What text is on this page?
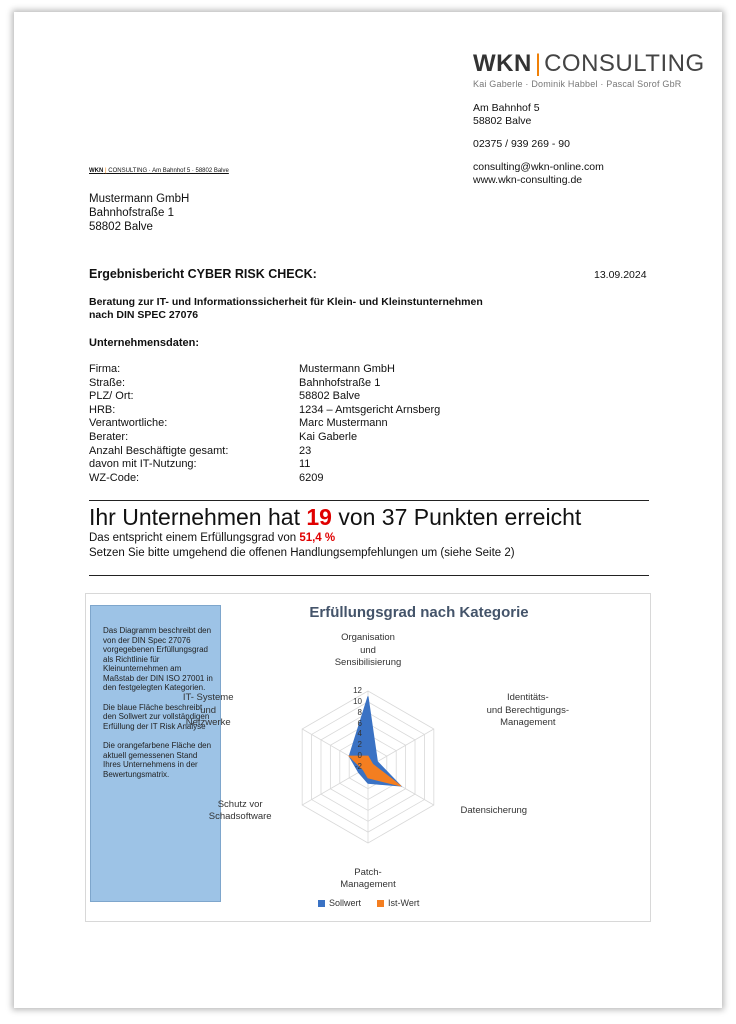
WKN | CONSULTING
Kai Gaberle · Dominik Habbel · Pascal Sorof GbR
Am Bahnhof 5
58802 Balve
02375 / 939 269 - 90
consulting@wkn-online.com
www.wkn-consulting.de
WKN | CONSULTING · Am Bahnhof 5 · 58802 Balve
Mustermann GmbH
Bahnhofstraße 1
58802 Balve
Ergebnisbericht CYBER RISK CHECK:	13.09.2024
Beratung zur IT- und Informationssicherheit für Klein- und Kleinstunternehmen
nach DIN SPEC 27076
Unternehmensdaten:
Firma:	Mustermann GmbH
Straße:	Bahnhofstraße 1
PLZ/ Ort:	58802 Balve
HRB:	1234 – Amtsgericht Arnsberg
Verantwortliche:	Marc Mustermann
Berater:	Kai Gaberle
Anzahl Beschäftigte gesamt:	23
davon mit IT-Nutzung:	11
WZ-Code:	6209
Ihr Unternehmen hat 19 von 37 Punkten erreicht
Das entspricht einem Erfüllungsgrad von 51,4 %
Setzen Sie bitte umgehend die offenen Handlungsempfehlungen um (siehe Seite 2)

Das Diagramm beschreibt den von der DIN Spec 27076 vorgegebenen Erfüllungsgrad als Richtlinie für Kleinunternehmen am Maßstab der DIN ISO 27001 in den festgelegten Kategorien.

Die blaue Fläche beschreibt den Sollwert zur vollständigen Erfüllung der IT Risk Analyse

Die orangefarbene Fläche den aktuell gemessenen Stand Ihres Unternehmens in der Bewertungsmatrix.

Erfüllungsgrad nach Kategorie
Organisation
und
Sensibilisierung
Identitäts-
und Berechtigungs-
Management
Datensicherung
Patch-
Management
Schutz vor
Schadsoftware
IT- Systeme
und
Netzwerke
12
10
8
6
4
2
0
-2
Sollwert	Ist-Wert
